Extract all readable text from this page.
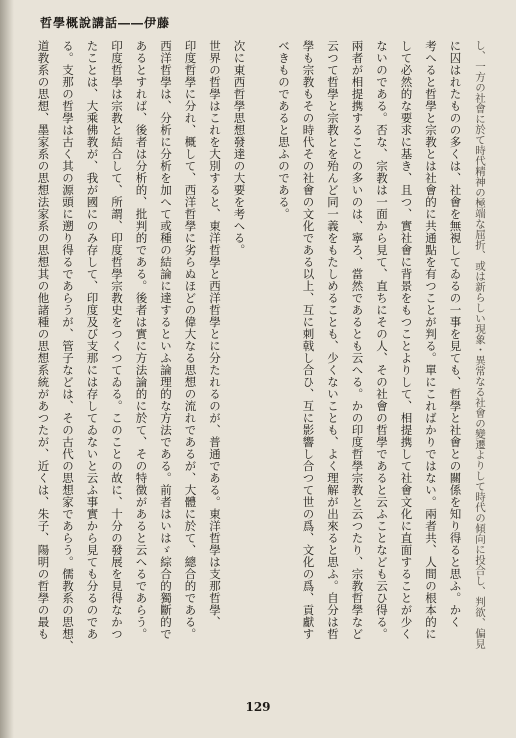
哲學概說講話――伊藤
し、一方の社會に於て時代精神の極端な屈折、或は新らしい現象・異常なる社會の變遷よりして時代の傾向に投合し、判欲、偏見
に囚はれたものの多くは、社會を無視してゐるの一事を見ても、哲學と社會との關係を知り得ると思ふ。かく
考へると哲學と宗教とは社會的に共通點を有つことが判る。單にこればかりではない。兩者共、人間の根本的に
して必然的な要求に基き、且つ、實社會に背景をもつことよりして、相提携して社會文化に直面することが少く
ないのである。否な、宗教は一面から見て、直ちにその人、その社會の哲學であると云ふことなども云ひ得る。
兩者が相提携することの多いのは、寧ろ、當然であるとも云へる。かの印度哲學宗教と云つたり、宗教哲學など
云つて哲學と宗教とを殆んど同一義をもたしめることも、少くないことも、よく理解が出來ると思ふ。自分は哲
學も宗教もその時代その社會の文化である以上、互に刺戟し合ひ、互に影響し合つて世の爲、文化の爲、貢獻す
べきものであると思ふのである。
次に東西哲學思想發達の大要を考へる。
世界の哲學はこれを大別すると、東洋哲學と西洋哲學とに分たれるのが、普通である。東洋哲學は支那哲學、
印度哲學に分れ、概して、西洋哲學に劣らぬほどの偉大なる思想の流れであるが、大體に於て、總合的である。
西洋哲學は、分析に分析を加へて或種の結論に達するといふ論理的な方法である。前者はいはゞ綜合的獨斷的で
あるとすれば、後者は分析的、批判的である。後者は實に方法論的に於て、その特徴があると云へるであらう。
印度哲學は宗教と結合して、所謂、印度哲學宗教史をつくつてゐる。このことの故に、十分の發展を見得なかつ
たことは、大乘佛教が、我が國にのみ存して、印度及び支那には存してゐないと云ふ事實から見ても分るのであ
る。支那の哲學は古く其の源頭に遡り得るであらうが、管子などは、その古代の思想家であらう。儒教系の思想、
道教系の思想、墨家系の思想法家系の思想其の他諸種の思想系統があつたが、近くは、朱子、陽明の哲學の最も
129
